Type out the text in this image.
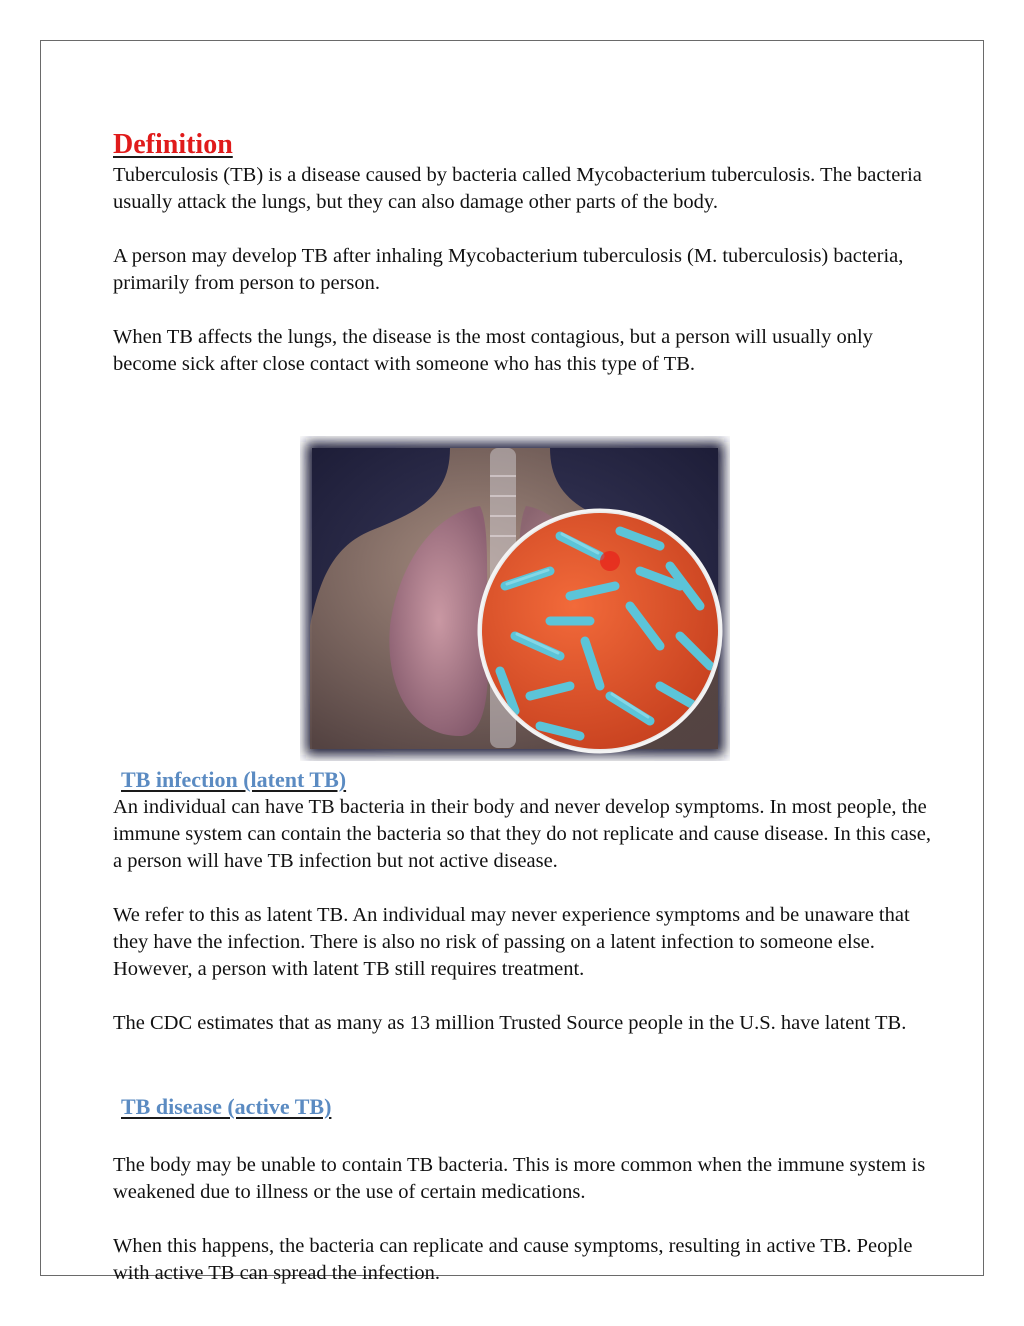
Definition

Tuberculosis (TB) is a disease caused by bacteria called Mycobacterium tuberculosis. The bacteria usually attack the lungs, but they can also damage other parts of the body.

A person may develop TB after inhaling Mycobacterium tuberculosis (M. tuberculosis) bacteria, primarily from person to person.

When TB affects the lungs, the disease is the most contagious, but a person will usually only become sick after close contact with someone who has this type of TB.

TB infection (latent TB)

An individual can have TB bacteria in their body and never develop symptoms. In most people, the immune system can contain the bacteria so that they do not replicate and cause disease. In this case, a person will have TB infection but not active disease.

We refer to this as latent TB. An individual may never experience symptoms and be unaware that they have the infection. There is also no risk of passing on a latent infection to someone else. However, a person with latent TB still requires treatment.

The CDC estimates that as many as 13 million Trusted Source people in the U.S. have latent TB.

TB disease (active TB)

The body may be unable to contain TB bacteria. This is more common when the immune system is weakened due to illness or the use of certain medications.

When this happens, the bacteria can replicate and cause symptoms, resulting in active TB. People with active TB can spread the infection.
